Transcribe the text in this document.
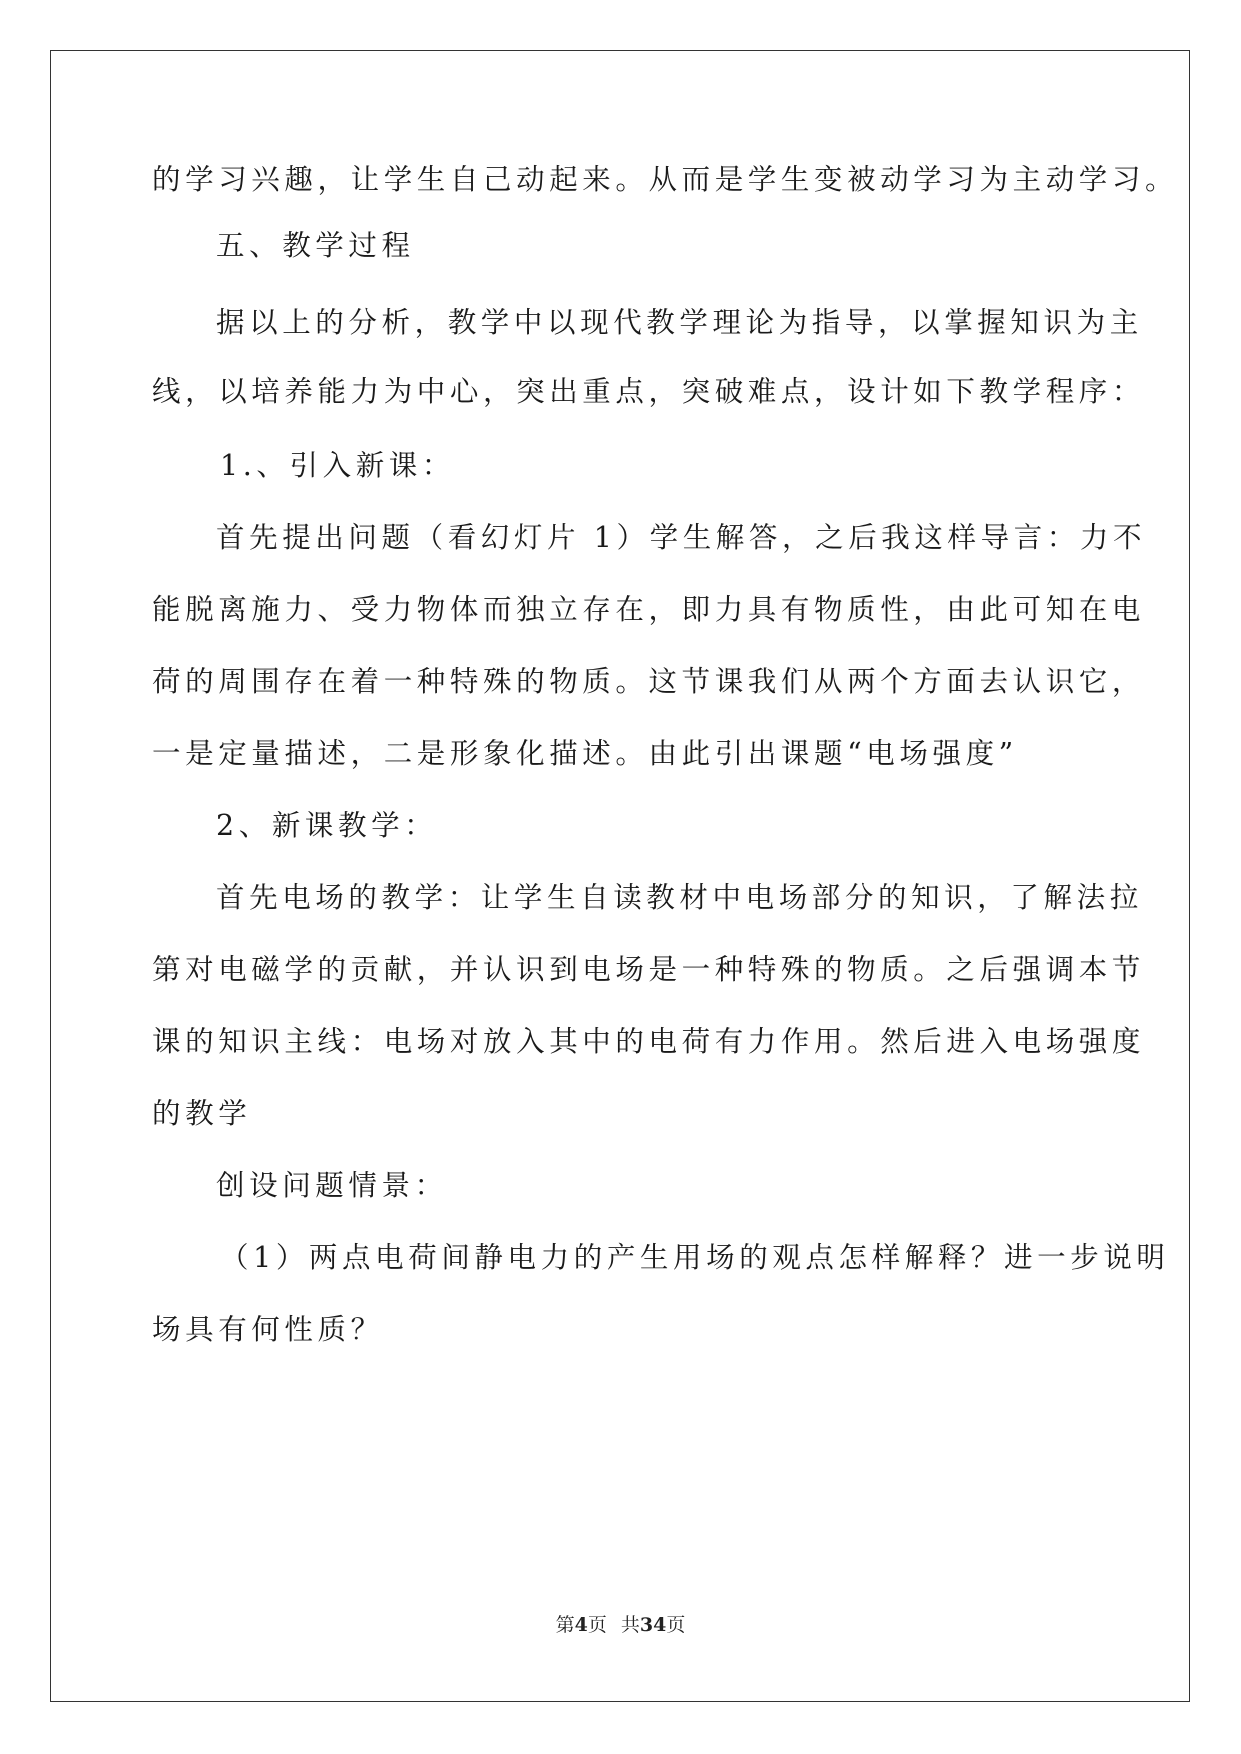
的学习兴趣，让学生自己动起来。从而是学生变被动学习为主动学习。
五、教学过程
据以上的分析，教学中以现代教学理论为指导，以掌握知识为主
线，以培养能力为中心，突出重点，突破难点，设计如下教学程序：
1.、引入新课：
首先提出问题（看幻灯片 1）学生解答，之后我这样导言：力不
能脱离施力、受力物体而独立存在，即力具有物质性，由此可知在电
荷的周围存在着一种特殊的物质。这节课我们从两个方面去认识它，
一是定量描述，二是形象化描述。由此引出课题“电场强度”
2、新课教学：
首先电场的教学：让学生自读教材中电场部分的知识，了解法拉
第对电磁学的贡献，并认识到电场是一种特殊的物质。之后强调本节
课的知识主线：电场对放入其中的电荷有力作用。然后进入电场强度
的教学
创设问题情景：
（1）两点电荷间静电力的产生用场的观点怎样解释？进一步说明
场具有何性质？
第4页 共34页
